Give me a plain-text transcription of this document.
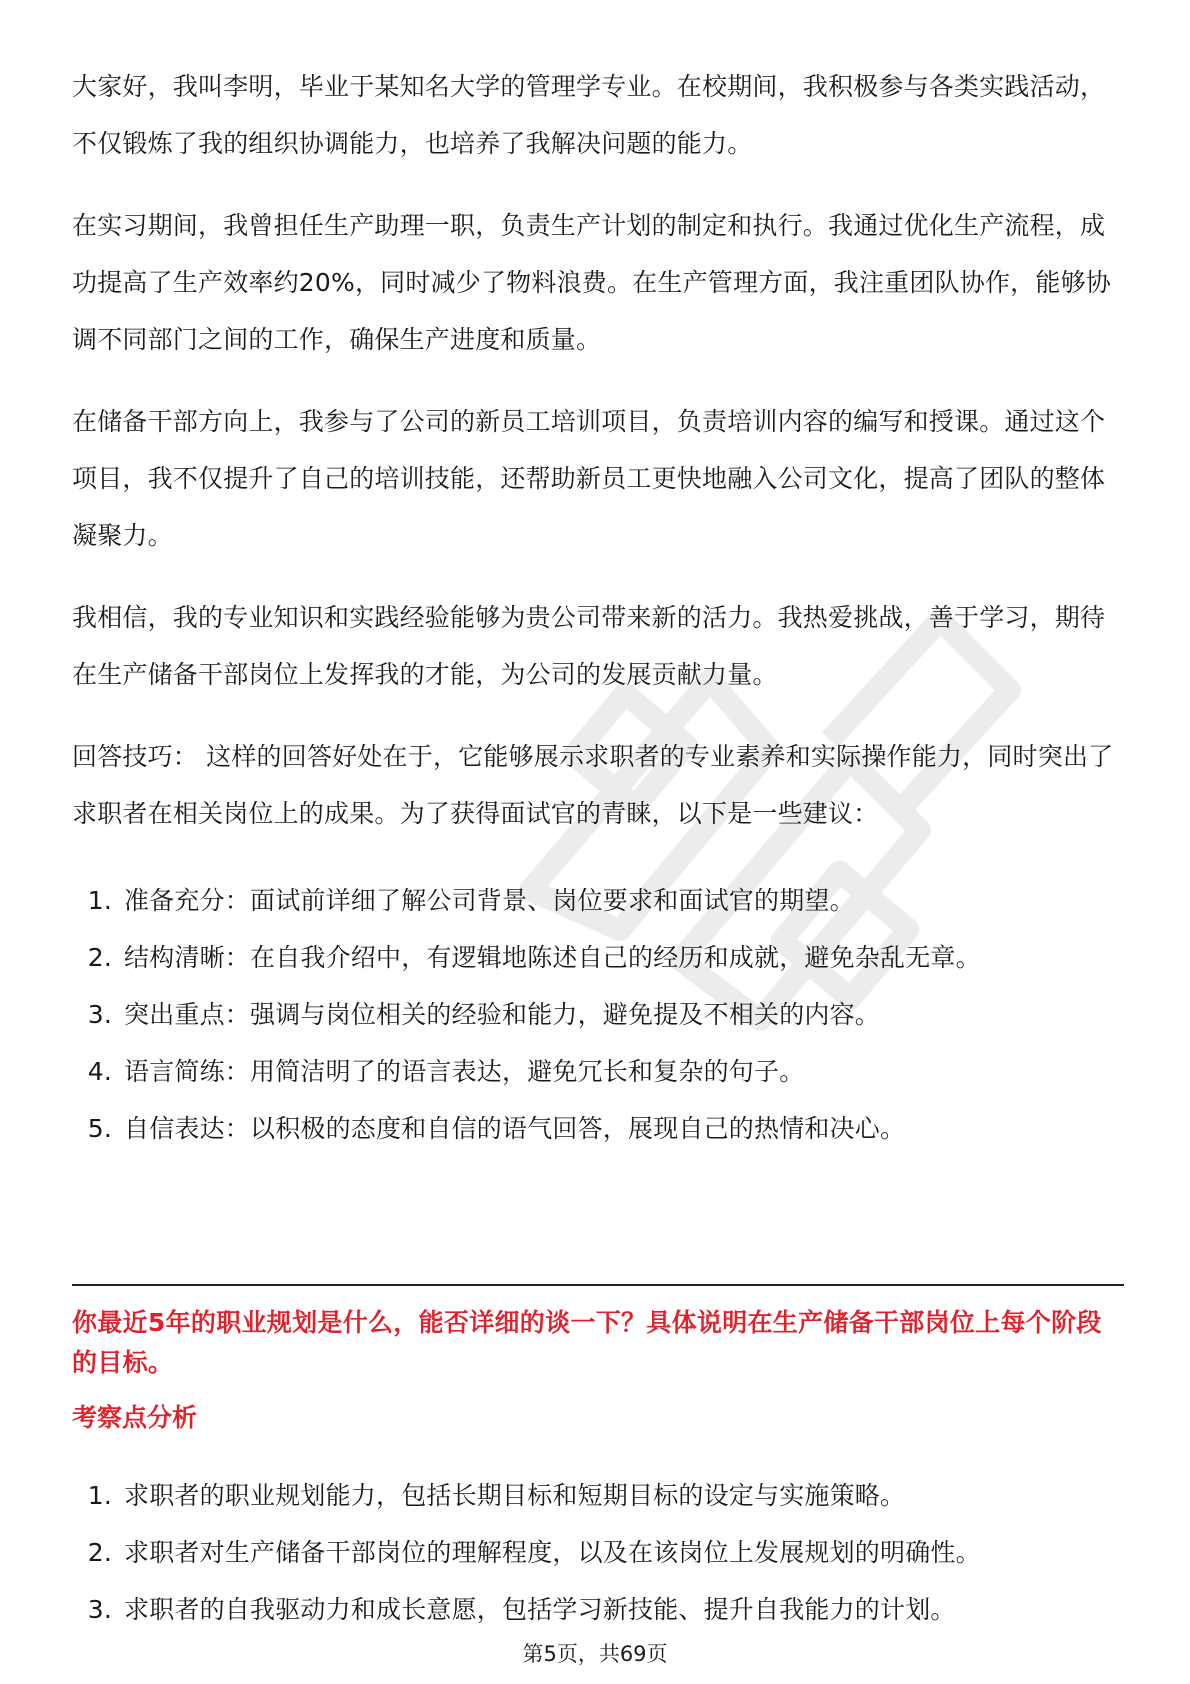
大家好，我叫李明，毕业于某知名大学的管理学专业。在校期间，我积极参与各类实践活动，不仅锻炼了我的组织协调能力，也培养了我解决问题的能力。

在实习期间，我曾担任生产助理一职，负责生产计划的制定和执行。我通过优化生产流程，成功提高了生产效率约20%，同时减少了物料浪费。在生产管理方面，我注重团队协作，能够协调不同部门之间的工作，确保生产进度和质量。

在储备干部方向上，我参与了公司的新员工培训项目，负责培训内容的编写和授课。通过这个项目，我不仅提升了自己的培训技能，还帮助新员工更快地融入公司文化，提高了团队的整体凝聚力。

我相信，我的专业知识和实践经验能够为贵公司带来新的活力。我热爱挑战，善于学习，期待在生产储备干部岗位上发挥我的才能，为公司的发展贡献力量。

回答技巧： 这样的回答好处在于，它能够展示求职者的专业素养和实际操作能力，同时突出了求职者在相关岗位上的成果。为了获得面试官的青睐，以下是一些建议：

1. 准备充分：面试前详细了解公司背景、岗位要求和面试官的期望。
2. 结构清晰：在自我介绍中，有逻辑地陈述自己的经历和成就，避免杂乱无章。
3. 突出重点：强调与岗位相关的经验和能力，避免提及不相关的内容。
4. 语言简练：用简洁明了的语言表达，避免冗长和复杂的句子。
5. 自信表达：以积极的态度和自信的语气回答，展现自己的热情和决心。
你最近5年的职业规划是什么，能否详细的谈一下？具体说明在生产储备干部岗位上每个阶段的目标。
考察点分析
1. 求职者的职业规划能力，包括长期目标和短期目标的设定与实施策略。
2. 求职者对生产储备干部岗位的理解程度，以及在该岗位上发展规划的明确性。
3. 求职者的自我驱动力和成长意愿，包括学习新技能、提升自我能力的计划。
第5页，共69页
